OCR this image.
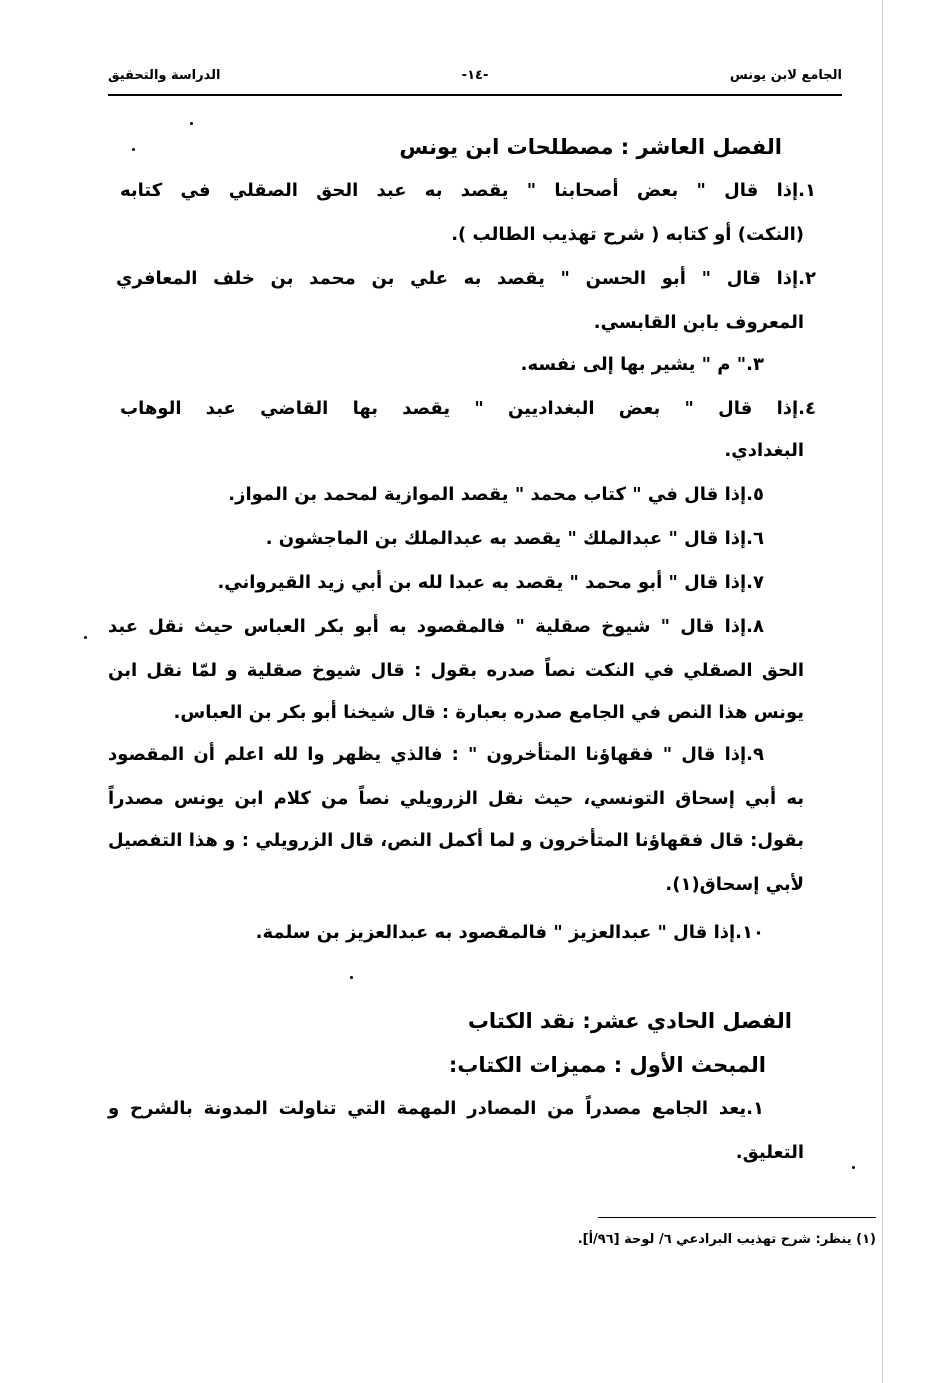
الجامع لابن يونس
-١٤-
الدراسة والتحقيق
الفصل العاشر : مصطلحات ابن يونس
١.إذا قال " بعض أصحابنا " يقصد به عبد الحق الصقلي في كتابه
(النكت) أو كتابه ( شرح تهذيب الطالب ).
٢.إذا قال " أبو الحسن " يقصد به علي بن محمد بن خلف المعافري
المعروف بابن القابسي.
٣." م " يشير بها إلى نفسه.
٤.إذا قال " بعض البغداديين " يقصد بها القاضي عبد الوهاب
البغدادي.
٥.إذا قال في " كتاب محمد " يقصد الموازية لمحمد بن المواز.
٦.إذا قال " عبدالملك " يقصد به عبدالملك بن الماجشون .
٧.إذا قال " أبو محمد " يقصد به عبدا لله بن أبي زيد القيرواني.
٨.إذا قال " شيوخ صقلية " فالمقصود به أبو بكر العباس حيث نقل عبد
الحق الصقلي في النكت نصاً صدره بقول : قال شيوخ صقلية و لمّا نقل ابن
يونس هذا النص في الجامع صدره بعبارة : قال شيخنا أبو بكر بن العباس.
٩.إذا قال " فقهاؤنا المتأخرون " : فالذي يظهر وا لله اعلم أن المقصود
به أبي إسحاق التونسي، حيث نقل الزرويلي نصاً من كلام ابن يونس مصدراً
بقول: قال فقهاؤنا المتأخرون و لما أكمل النص، قال الزرويلي : و هذا التفصيل
لأبي إسحاق(١).
١٠.إذا قال " عبدالعزيز " فالمقصود به عبدالعزيز بن سلمة.
الفصل الحادي عشر: نقد الكتاب
المبحث الأول : مميزات الكتاب:
١.يعد الجامع مصدراً من المصادر المهمة التي تناولت المدونة بالشرح و
التعليق.
(١) ينظر: شرح تهذيب البرادعي ٦/ لوحة [٩٦/أ].
